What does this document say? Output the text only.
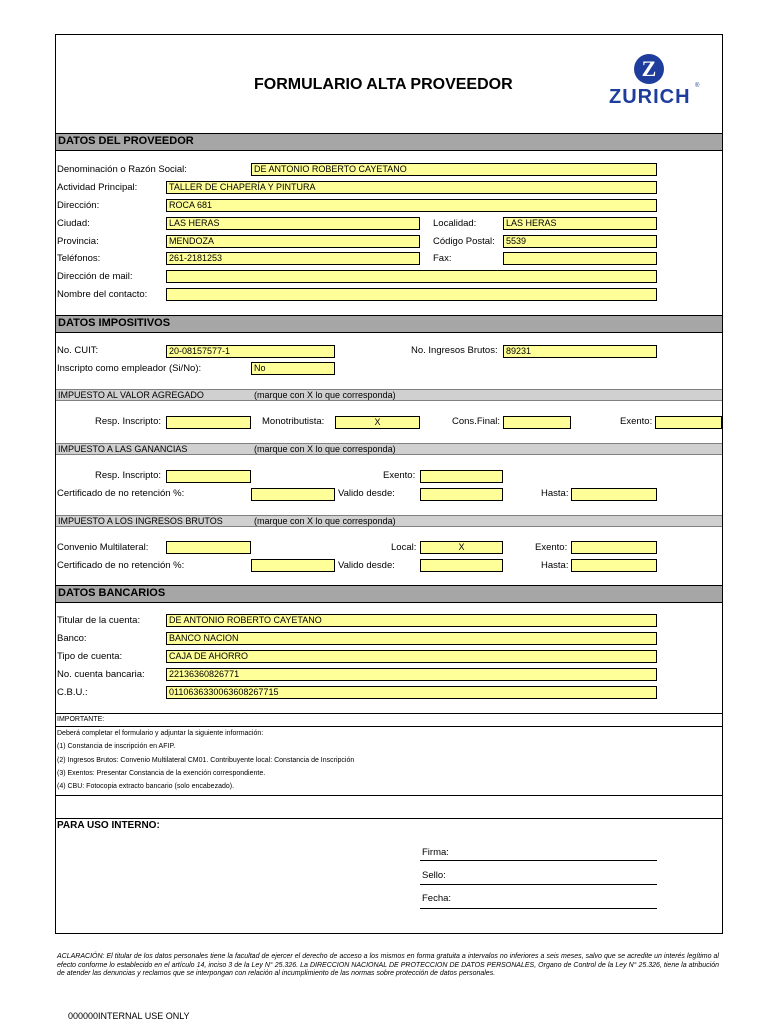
FORMULARIO ALTA PROVEEDOR
Z
ZURICH ®
DATOS DEL PROVEEDOR
Denominación o Razón Social:	DE ANTONIO ROBERTO CAYETANO
Actividad Principal:	TALLER DE CHAPERÍA Y PINTURA
Dirección:	ROCA 681
Ciudad:	LAS HERAS	Localidad:	LAS HERAS
Provincia:	MENDOZA	Código Postal:	5539
Teléfonos:	261-2181253	Fax:
Dirección de mail:
Nombre del contacto:
DATOS IMPOSITIVOS
No. CUIT:	20-08157577-1	No. Ingresos Brutos: 89231
Inscripto como empleador (Si/No):	No
IMPUESTO AL VALOR AGREGADO	(marque con X lo que corresponda)
Resp. Inscripto:	Monotributista:	X	Cons.Final:	Exento:
IMPUESTO A LAS GANANCIAS	(marque con X lo que corresponda)
Resp. Inscripto:	Exento:
Certificado de no retención %:	Valido desde:	Hasta:
IMPUESTO A LOS INGRESOS BRUTOS	(marque con X lo que corresponda)
Convenio Multilateral:	Local:	X	Exento:
Certificado de no retención %:	Valido desde:	Hasta:
DATOS BANCARIOS
Titular de la cuenta:	DE ANTONIO ROBERTO CAYETANO
Banco:	BANCO NACION
Tipo de cuenta:	CAJA DE AHORRO
No. cuenta bancaria:	22136360826771
C.B.U.:	0110636330063608267715
IMPORTANTE:
Deberá completar el formulario y adjuntar la siguiente información:
(1) Constancia de inscripción en AFIP.
(2) Ingresos Brutos: Convenio Multilateral CM01. Contribuyente local: Constancia de Inscripción
(3) Exentos: Presentar Constancia de la exención correspondiente.
(4) CBU: Fotocopia extracto bancario (solo encabezado).
PARA USO INTERNO:
Firma:
Sello:
Fecha:
ACLARACIÓN: El titular de los datos personales tiene la facultad de ejercer el derecho de acceso a los mismos en forma gratuita a intervalos no inferiores a seis meses, salvo que se acredite un interés legítimo al efecto conforme lo establecido en el artículo 14, inciso 3 de la Ley N° 25.326. La DIRECCION NACIONAL DE PROTECCION DE DATOS PERSONALES, Organo de Control de la Ley N° 25.326, tiene la atribución de atender las denuncias y reclamos que se interpongan con relación al incumplimiento de las normas sobre protección de datos personales.
000000INTERNAL USE ONLY
